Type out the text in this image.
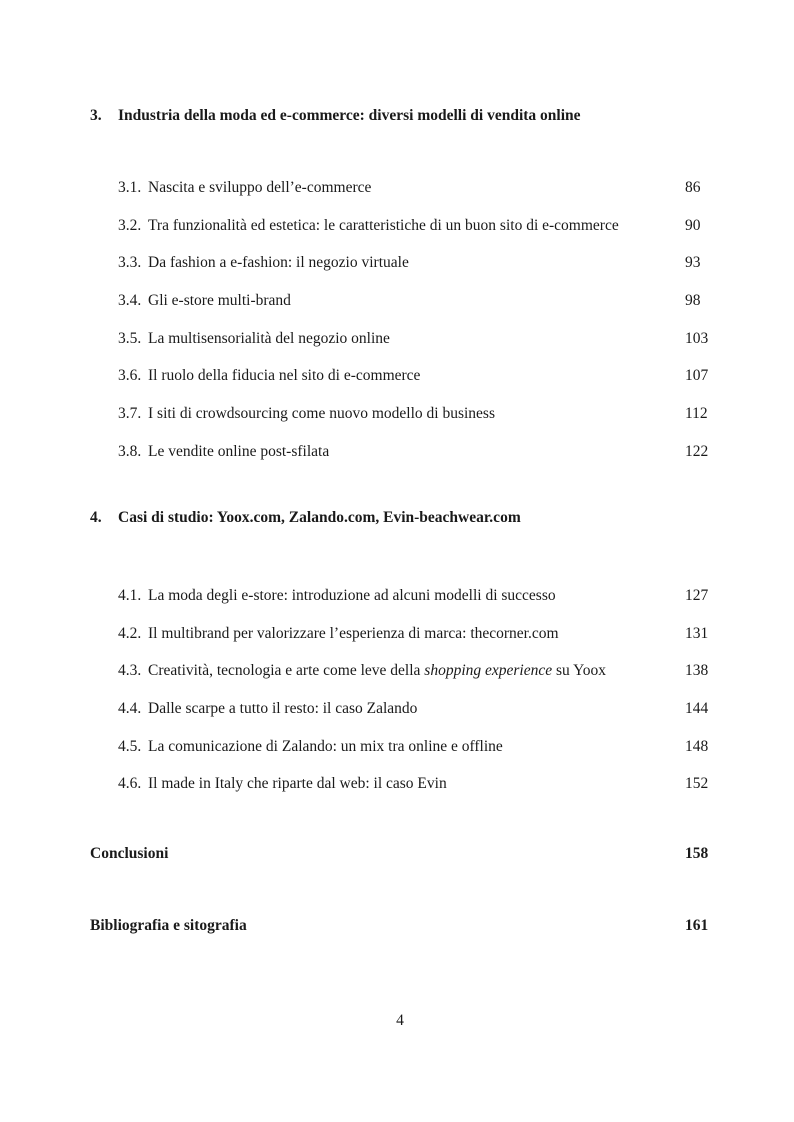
3.	Industria della moda ed e-commerce: diversi modelli di vendita online
3.1. Nascita e sviluppo dell’e-commerce	86
3.2. Tra funzionalità ed estetica: le caratteristiche di un buon sito di e-commerce	90
3.3. Da fashion a e-fashion: il negozio virtuale	93
3.4. Gli e-store multi-brand	98
3.5. La multisensorialità del negozio online	103
3.6. Il ruolo della fiducia nel sito di e-commerce	107
3.7. I siti di crowdsourcing come nuovo modello di business	112
3.8. Le vendite online post-sfilata	122
4.	Casi di studio: Yoox.com, Zalando.com, Evin-beachwear.com
4.1. La moda degli e-store: introduzione ad alcuni modelli di successo	127
4.2. Il multibrand per valorizzare l’esperienza di marca: thecorner.com	131
4.3. Creatività, tecnologia e arte come leve della shopping experience su Yoox	138
4.4. Dalle scarpe a tutto il resto: il caso Zalando	144
4.5. La comunicazione di Zalando: un mix tra online e offline	148
4.6. Il made in Italy che riparte dal web: il caso Evin	152
Conclusioni	158
Bibliografia e sitografia	161
4
